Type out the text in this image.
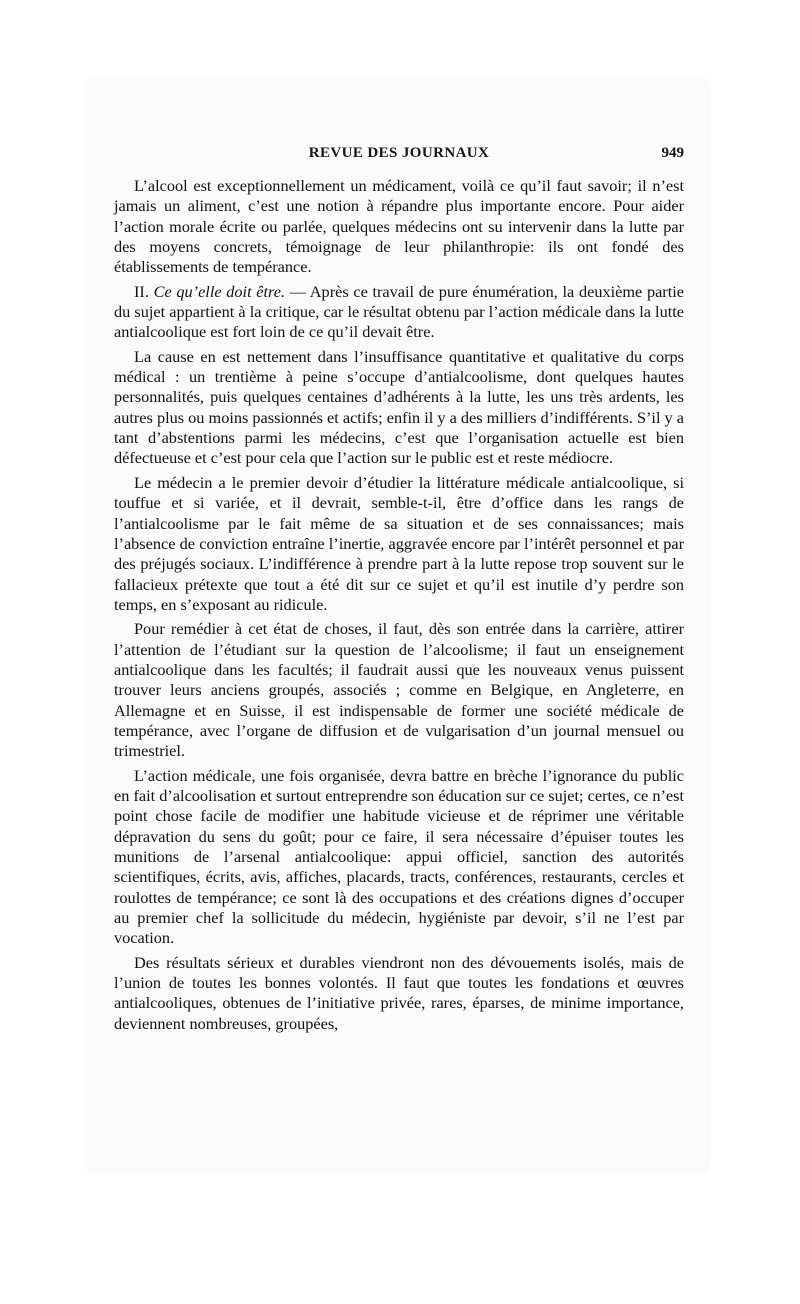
REVUE DES JOURNAUX	949

L’alcool est exceptionnellement un médicament, voilà ce qu’il faut savoir; il n’est jamais un aliment, c’est une notion à répandre plus importante encore. Pour aider l’action morale écrite ou parlée, quelques médecins ont su intervenir dans la lutte par des moyens concrets, témoignage de leur philanthropie: ils ont fondé des établissements de tempérance.

II. Ce qu’elle doit être. — Après ce travail de pure énumération, la deuxième partie du sujet appartient à la critique, car le résultat obtenu par l’action médicale dans la lutte antialcoolique est fort loin de ce qu’il devait être.

La cause en est nettement dans l’insuffisance quantitative et qualitative du corps médical : un trentième à peine s’occupe d’antialcoolisme, dont quelques hautes personnalités, puis quelques centaines d’adhérents à la lutte, les uns très ardents, les autres plus ou moins passionnés et actifs; enfin il y a des milliers d’indifférents. S’il y a tant d’abstentions parmi les médecins, c’est que l’organisation actuelle est bien défectueuse et c’est pour cela que l’action sur le public est et reste médiocre.

Le médecin a le premier devoir d’étudier la littérature médicale antialcoolique, si touffue et si variée, et il devrait, semble-t-il, être d’office dans les rangs de l’antialcoolisme par le fait même de sa situation et de ses connaissances; mais l’absence de conviction entraîne l’inertie, aggravée encore par l’intérêt personnel et par des préjugés sociaux. L’indifférence à prendre part à la lutte repose trop souvent sur le fallacieux prétexte que tout a été dit sur ce sujet et qu’il est inutile d’y perdre son temps, en s’exposant au ridicule.

Pour remédier à cet état de choses, il faut, dès son entrée dans la carrière, attirer l’attention de l’étudiant sur la question de l’alcoolisme; il faut un enseignement antialcoolique dans les facultés; il faudrait aussi que les nouveaux venus puissent trouver leurs anciens groupés, associés ; comme en Belgique, en Angleterre, en Allemagne et en Suisse, il est indispensable de former une société médicale de tempérance, avec l’organe de diffusion et de vulgarisation d’un journal mensuel ou trimestriel.

L’action médicale, une fois organisée, devra battre en brèche l’ignorance du public en fait d’alcoolisation et surtout entreprendre son éducation sur ce sujet; certes, ce n’est point chose facile de modifier une habitude vicieuse et de réprimer une véritable dépravation du sens du goût; pour ce faire, il sera nécessaire d’épuiser toutes les munitions de l’arsenal antialcoolique: appui officiel, sanction des autorités scientifiques, écrits, avis, affiches, placards, tracts, conférences, restaurants, cercles et roulottes de tempérance; ce sont là des occupations et des créations dignes d’occuper au premier chef la sollicitude du médecin, hygiéniste par devoir, s’il ne l’est par vocation.

Des résultats sérieux et durables viendront non des dévouements isolés, mais de l’union de toutes les bonnes volontés. Il faut que toutes les fondations et œuvres antialcooliques, obtenues de l’initiative privée, rares, éparses, de minime importance, deviennent nombreuses, groupées,
